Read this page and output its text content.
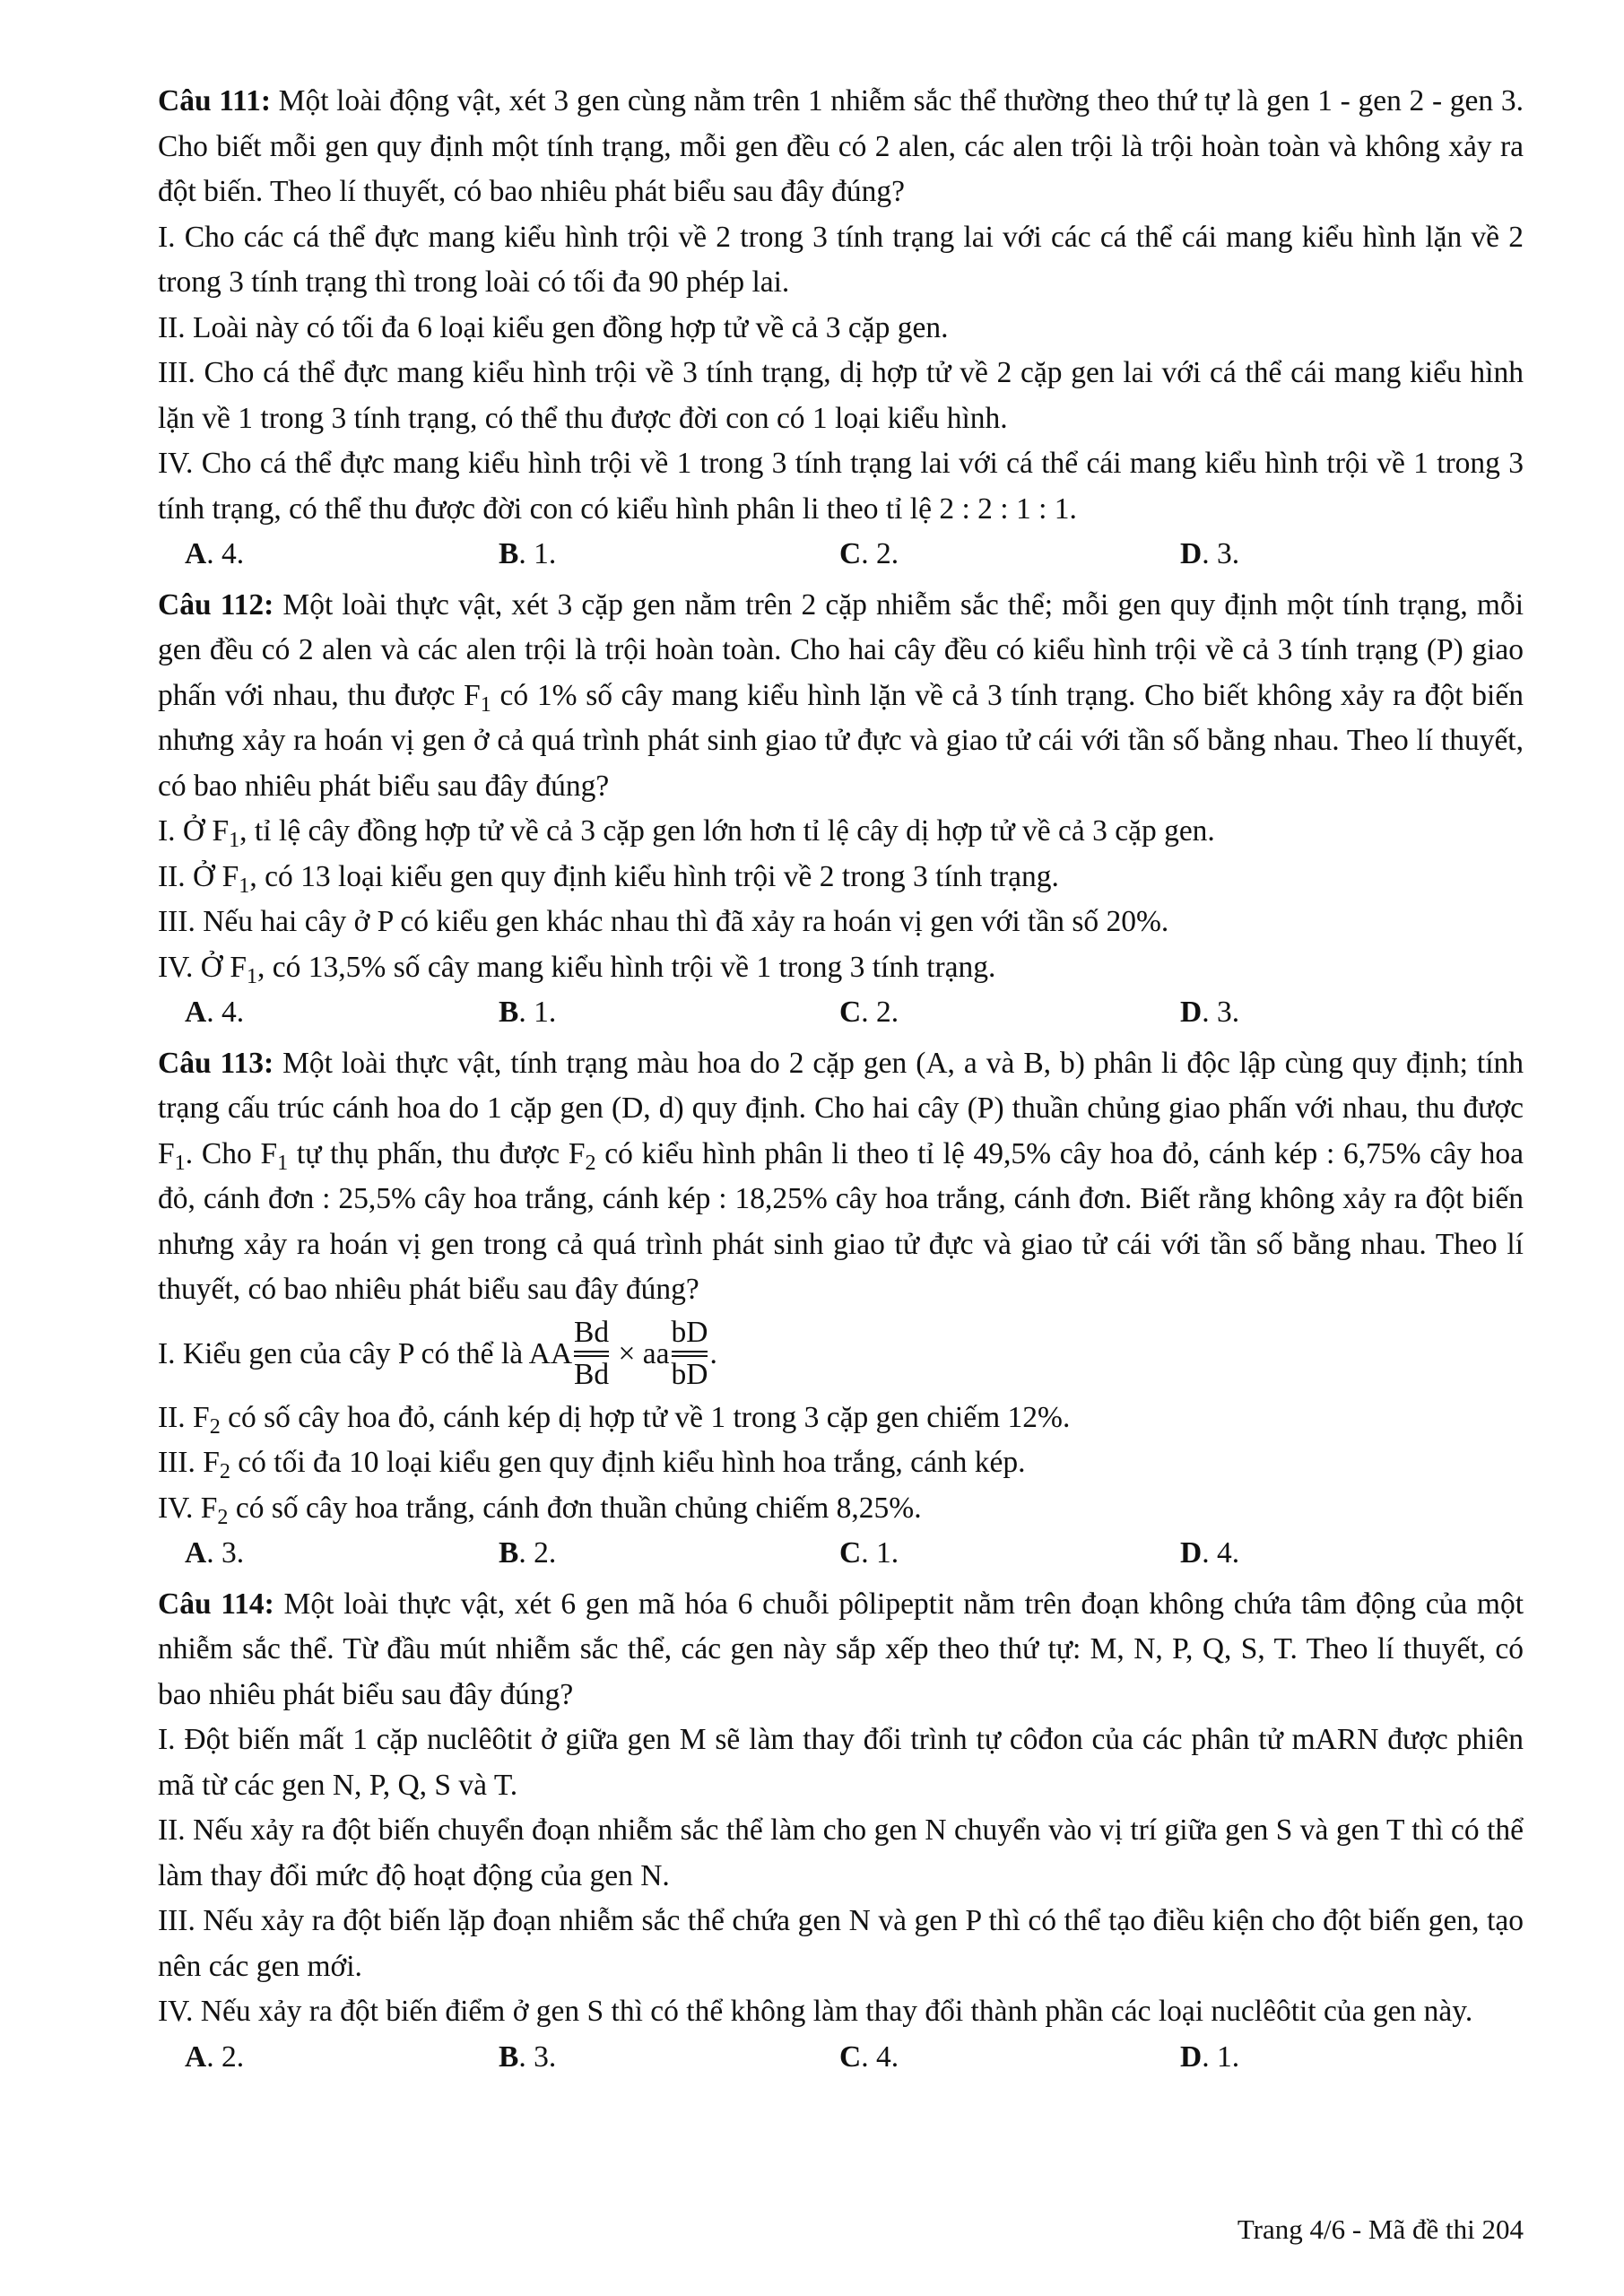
Câu 111: Một loài động vật, xét 3 gen cùng nằm trên 1 nhiễm sắc thể thường theo thứ tự là gen 1 - gen 2 - gen 3. Cho biết mỗi gen quy định một tính trạng, mỗi gen đều có 2 alen, các alen trội là trội hoàn toàn và không xảy ra đột biến. Theo lí thuyết, có bao nhiêu phát biểu sau đây đúng?

I. Cho các cá thể đực mang kiểu hình trội về 2 trong 3 tính trạng lai với các cá thể cái mang kiểu hình lặn về 2 trong 3 tính trạng thì trong loài có tối đa 90 phép lai.

II. Loài này có tối đa 6 loại kiểu gen đồng hợp tử về cả 3 cặp gen.

III. Cho cá thể đực mang kiểu hình trội về 3 tính trạng, dị hợp tử về 2 cặp gen lai với cá thể cái mang kiểu hình lặn về 1 trong 3 tính trạng, có thể thu được đời con có 1 loại kiểu hình.

IV. Cho cá thể đực mang kiểu hình trội về 1 trong 3 tính trạng lai với cá thể cái mang kiểu hình trội về 1 trong 3 tính trạng, có thể thu được đời con có kiểu hình phân li theo tỉ lệ 2 : 2 : 1 : 1.

A. 4.	B. 1.	C. 2.	D. 3.

Câu 112: Một loài thực vật, xét 3 cặp gen nằm trên 2 cặp nhiễm sắc thể; mỗi gen quy định một tính trạng, mỗi gen đều có 2 alen và các alen trội là trội hoàn toàn. Cho hai cây đều có kiểu hình trội về cả 3 tính trạng (P) giao phấn với nhau, thu được $F_1$ có 1% số cây mang kiểu hình lặn về cả 3 tính trạng. Cho biết không xảy ra đột biến nhưng xảy ra hoán vị gen ở cả quá trình phát sinh giao tử đực và giao tử cái với tần số bằng nhau. Theo lí thuyết, có bao nhiêu phát biểu sau đây đúng?

I. Ở $F_1$, tỉ lệ cây đồng hợp tử về cả 3 cặp gen lớn hơn tỉ lệ cây dị hợp tử về cả 3 cặp gen.

II. Ở $F_1$, có 13 loại kiểu gen quy định kiểu hình trội về 2 trong 3 tính trạng.

III. Nếu hai cây ở P có kiểu gen khác nhau thì đã xảy ra hoán vị gen với tần số 20%.

IV. Ở $F_1$, có 13,5% số cây mang kiểu hình trội về 1 trong 3 tính trạng.

A. 4.	B. 1.	C. 2.	D. 3.

Câu 113: Một loài thực vật, tính trạng màu hoa do 2 cặp gen (A, a và B, b) phân li độc lập cùng quy định; tính trạng cấu trúc cánh hoa do 1 cặp gen (D, d) quy định. Cho hai cây (P) thuần chủng giao phấn với nhau, thu được $F_1$. Cho $F_1$ tự thụ phấn, thu được $F_2$ có kiểu hình phân li theo tỉ lệ 49,5% cây hoa đỏ, cánh kép : 6,75% cây hoa đỏ, cánh đơn : 25,5% cây hoa trắng, cánh kép : 18,25% cây hoa trắng, cánh đơn. Biết rằng không xảy ra đột biến nhưng xảy ra hoán vị gen trong cả quá trình phát sinh giao tử đực và giao tử cái với tần số bằng nhau. Theo lí thuyết, có bao nhiêu phát biểu sau đây đúng?

I. Kiểu gen của cây P có thể là AA
Bd
Bd
× aa
bD
bD
.

II. $F_2$ có số cây hoa đỏ, cánh kép dị hợp tử về 1 trong 3 cặp gen chiếm 12%.

III. $F_2$ có tối đa 10 loại kiểu gen quy định kiểu hình hoa trắng, cánh kép.

IV. $F_2$ có số cây hoa trắng, cánh đơn thuần chủng chiếm 8,25%.

A. 3.	B. 2.	C. 1.	D. 4.

Câu 114: Một loài thực vật, xét 6 gen mã hóa 6 chuỗi pôlipeptit nằm trên đoạn không chứa tâm động của một nhiễm sắc thể. Từ đầu mút nhiễm sắc thể, các gen này sắp xếp theo thứ tự: M, N, P, Q, S, T. Theo lí thuyết, có bao nhiêu phát biểu sau đây đúng?

I. Đột biến mất 1 cặp nuclêôtit ở giữa gen M sẽ làm thay đổi trình tự côđon của các phân tử mARN được phiên mã từ các gen N, P, Q, S và T.

II. Nếu xảy ra đột biến chuyển đoạn nhiễm sắc thể làm cho gen N chuyển vào vị trí giữa gen S và gen T thì có thể làm thay đổi mức độ hoạt động của gen N.

III. Nếu xảy ra đột biến lặp đoạn nhiễm sắc thể chứa gen N và gen P thì có thể tạo điều kiện cho đột biến gen, tạo nên các gen mới.

IV. Nếu xảy ra đột biến điểm ở gen S thì có thể không làm thay đổi thành phần các loại nuclêôtit của gen này.

A. 2.	B. 3.	C. 4.	D. 1.
Trang 4/6 - Mã đề thi 204
